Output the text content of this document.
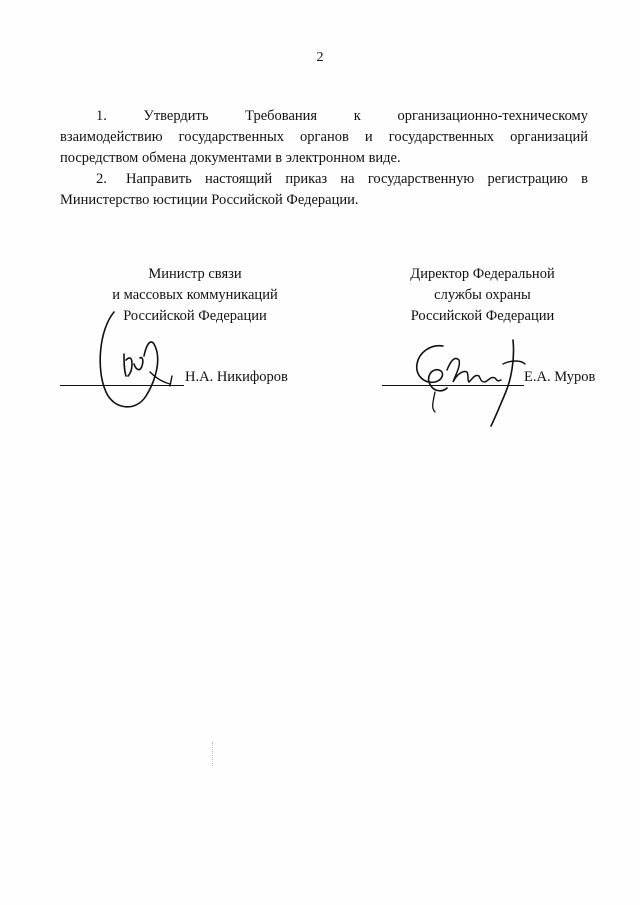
2
1.	Утвердить	Требования	к	организационно-техническому
взаимодействию государственных органов и государственных организаций посредством обмена документами в электронном виде.

2. Направить настоящий приказ на государственную регистрацию в Министерство юстиции Российской Федерации.

Министр связи
и массовых коммуникаций
Российской Федерации
Н.А. Никифоров
Директор Федеральной
службы охраны
Российской Федерации
Е.А. Муров
